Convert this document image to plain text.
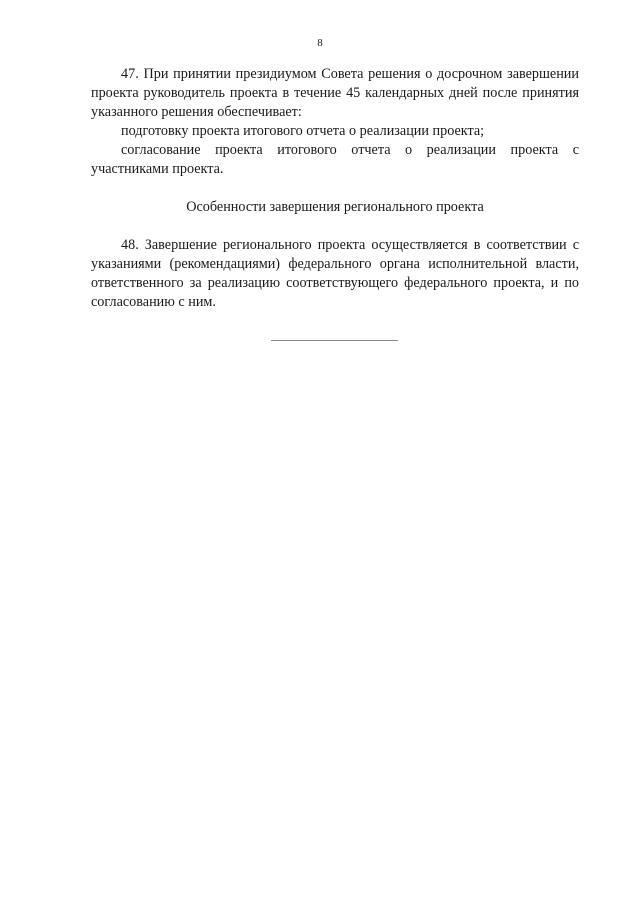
8

47. При принятии президиумом Совета решения о досрочном завершении проекта руководитель проекта в течение 45 календарных дней после принятия указанного решения обеспечивает:

подготовку проекта итогового отчета о реализации проекта;

согласование проекта итогового отчета о реализации проекта с участниками проекта.

Особенности завершения регионального проекта

48. Завершение регионального проекта осуществляется в соответствии с указаниями (рекомендациями) федерального органа исполнительной власти, ответственного за реализацию соответствующего федерального проекта, и по согласованию с ним.
